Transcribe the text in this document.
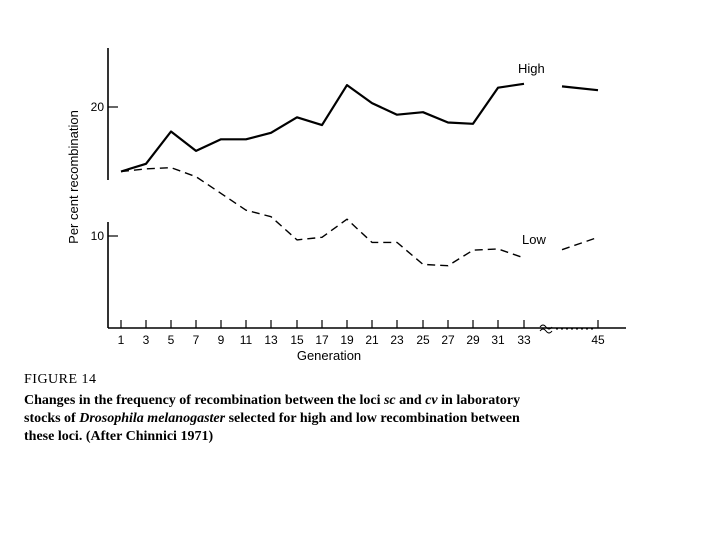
10
20
1 3 5 7 9 11 13 15 17 19 21 23 25 27 29 31 33	45
Generation
Per cent recombination
High
Low
FIGURE 14
Changes in the frequency of recombination between the loci sc and cv in laboratory
stocks of Drosophila melanogaster selected for high and low recombination between
these loci. (After Chinnici 1971)
